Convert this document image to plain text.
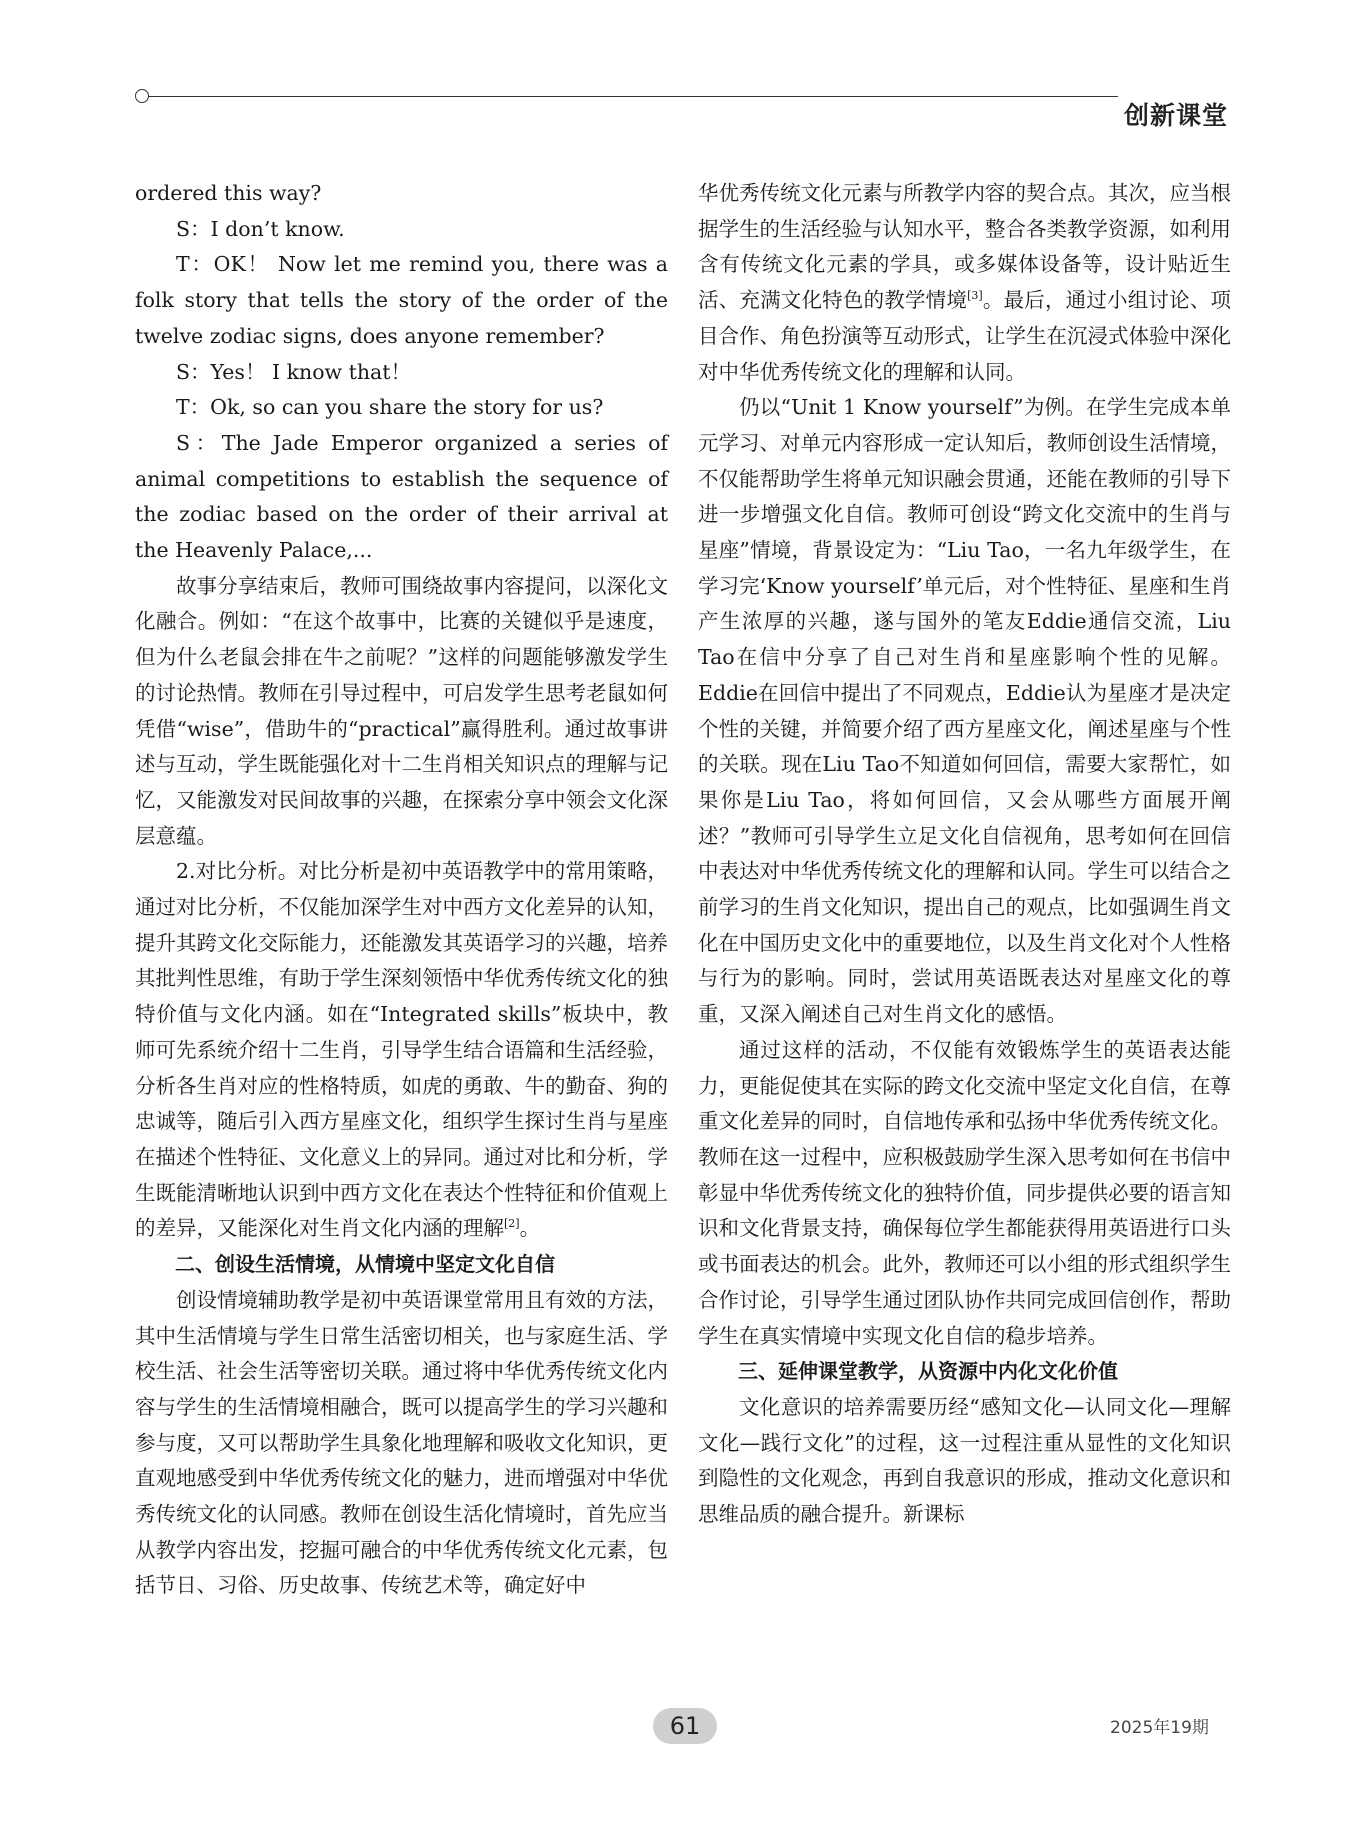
创新课堂

ordered this way?

S：I don’t know.

T：OK！ Now let me remind you, there was a folk story that tells the story of the order of the twelve zodiac signs, does anyone remember?

S：Yes！ I know that！

T：Ok, so can you share the story for us?

S：The Jade Emperor organized a series of animal competitions to establish the sequence of the zodiac based on the order of their arrival at the Heavenly Palace,...

故事分享结束后，教师可围绕故事内容提问，以深化文化融合。例如：“在这个故事中，比赛的关键似乎是速度，但为什么老鼠会排在牛之前呢？”这样的问题能够激发学生的讨论热情。教师在引导过程中，可启发学生思考老鼠如何凭借“wise”，借助牛的“practical”赢得胜利。通过故事讲述与互动，学生既能强化对十二生肖相关知识点的理解与记忆，又能激发对民间故事的兴趣，在探索分享中领会文化深层意蕴。

2.对比分析。对比分析是初中英语教学中的常用策略，通过对比分析，不仅能加深学生对中西方文化差异的认知，提升其跨文化交际能力，还能激发其英语学习的兴趣，培养其批判性思维，有助于学生深刻领悟中华优秀传统文化的独特价值与文化内涵。如在“Integrated skills”板块中，教师可先系统介绍十二生肖，引导学生结合语篇和生活经验，分析各生肖对应的性格特质，如虎的勇敢、牛的勤奋、狗的忠诚等，随后引入西方星座文化，组织学生探讨生肖与星座在描述个性特征、文化意义上的异同。通过对比和分析，学生既能清晰地认识到中西方文化在表达个性特征和价值观上的差异，又能深化对生肖文化内涵的理解[2]。

二、创设生活情境，从情境中坚定文化自信

创设情境辅助教学是初中英语课堂常用且有效的方法，其中生活情境与学生日常生活密切相关，也与家庭生活、学校生活、社会生活等密切关联。通过将中华优秀传统文化内容与学生的生活情境相融合，既可以提高学生的学习兴趣和参与度，又可以帮助学生具象化地理解和吸收文化知识，更直观地感受到中华优秀传统文化的魅力，进而增强对中华优秀传统文化的认同感。教师在创设生活化情境时，首先应当从教学内容出发，挖掘可融合的中华优秀传统文化元素，包括节日、习俗、历史故事、传统艺术等，确定好中

华优秀传统文化元素与所教学内容的契合点。其次，应当根据学生的生活经验与认知水平，整合各类教学资源，如利用含有传统文化元素的学具，或多媒体设备等，设计贴近生活、充满文化特色的教学情境[3]。最后，通过小组讨论、项目合作、角色扮演等互动形式，让学生在沉浸式体验中深化对中华优秀传统文化的理解和认同。

仍以“Unit 1 Know yourself”为例。在学生完成本单元学习、对单元内容形成一定认知后，教师创设生活情境，不仅能帮助学生将单元知识融会贯通，还能在教师的引导下进一步增强文化自信。教师可创设“跨文化交流中的生肖与星座”情境，背景设定为：“Liu Tao，一名九年级学生，在学习完‘Know yourself’单元后，对个性特征、星座和生肖产生浓厚的兴趣，遂与国外的笔友Eddie通信交流，Liu Tao在信中分享了自己对生肖和星座影响个性的见解。Eddie在回信中提出了不同观点，Eddie认为星座才是决定个性的关键，并简要介绍了西方星座文化，阐述星座与个性的关联。现在Liu Tao不知道如何回信，需要大家帮忙，如果你是Liu Tao，将如何回信，又会从哪些方面展开阐述？”教师可引导学生立足文化自信视角，思考如何在回信中表达对中华优秀传统文化的理解和认同。学生可以结合之前学习的生肖文化知识，提出自己的观点，比如强调生肖文化在中国历史文化中的重要地位，以及生肖文化对个人性格与行为的影响。同时，尝试用英语既表达对星座文化的尊重，又深入阐述自己对生肖文化的感悟。

通过这样的活动，不仅能有效锻炼学生的英语表达能力，更能促使其在实际的跨文化交流中坚定文化自信，在尊重文化差异的同时，自信地传承和弘扬中华优秀传统文化。教师在这一过程中，应积极鼓励学生深入思考如何在书信中彰显中华优秀传统文化的独特价值，同步提供必要的语言知识和文化背景支持，确保每位学生都能获得用英语进行口头或书面表达的机会。此外，教师还可以小组的形式组织学生合作讨论，引导学生通过团队协作共同完成回信创作，帮助学生在真实情境中实现文化自信的稳步培养。

三、延伸课堂教学，从资源中内化文化价值

文化意识的培养需要历经“感知文化—认同文化—理解文化—践行文化”的过程，这一过程注重从显性的文化知识到隐性的文化观念，再到自我意识的形成，推动文化意识和思维品质的融合提升。新课标

61	2025年19期
